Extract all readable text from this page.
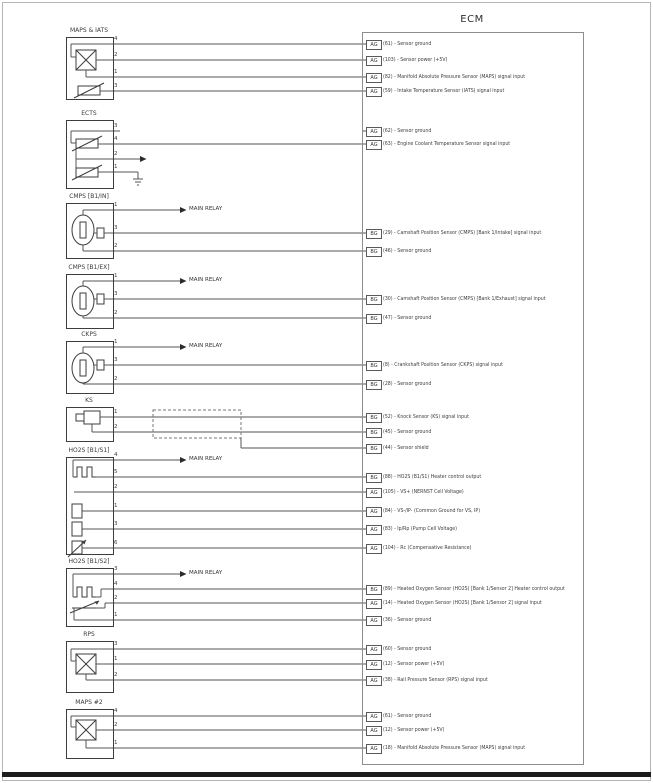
ECM
AG (61) - Sensor ground
AG (103) - Sensor power (+5V)
AG (82) - Manifold Absolute Pressure Sensor (MAPS) signal input
AG (59) - Intake Temperature Sensor (IATS) signal input
AG (62) - Sensor ground
AG (63) - Engine Coolant Temperature Sensor signal input
BG (29) - Camshaft Position Sensor (CMPS) [Bank 1/Intake] signal input
BG (46) - Sensor ground
BG (30) - Camshaft Position Sensor (CMPS) [Bank 1/Exhaust] signal input
BG (47) - Sensor ground
BG (8) - Crankshaft Position Sensor (CKPS) signal input
BG (28) - Sensor ground
BG (52) - Knock Sensor (KS) signal input
BG (45) - Sensor ground
BG (44) - Sensor shield
BG (88) - HO2S (B1/S1) Heater control output
AG (105) - VS+ (NERNST Cell Voltage)
AG (84) - VS-/IP- (Common Ground for VS, IP)
AG (83) - Ip/Rp (Pump Cell Voltage)
AG (104) - Rc (Compensative Resistance)
BG (89) - Heated Oxygen Sensor (HO2S) [Bank 1/Sensor 2] Heater control output
AG (14) - Heated Oxygen Sensor (HO2S) [Bank 1/Sensor 2] signal input
AG (36) - Sensor ground
AG (60) - Sensor ground
AG (12) - Sensor power (+5V)
AG (38) - Rail Pressure Sensor (RPS) signal input
AG (61) - Sensor ground
AG (12) - Sensor power (+5V)
AG (18) - Manifold Absolute Pressure Sensor (MAPS) signal input
MAPS & IATS
4
2
1
3
ECTS
3
4
2
1
CMPS [B1/IN]
1
MAIN RELAY
3
2
CMPS [B1/EX]
1
MAIN RELAY
3
2
CKPS
1
MAIN RELAY
3
2
KS
1
2
HO2S [B1/S1]
4
MAIN RELAY
5
2
1
3
6
HO2S [B1/S2]
3
MAIN RELAY
4
2
1
RPS
3
1
2
MAPS #2
4
2
1
